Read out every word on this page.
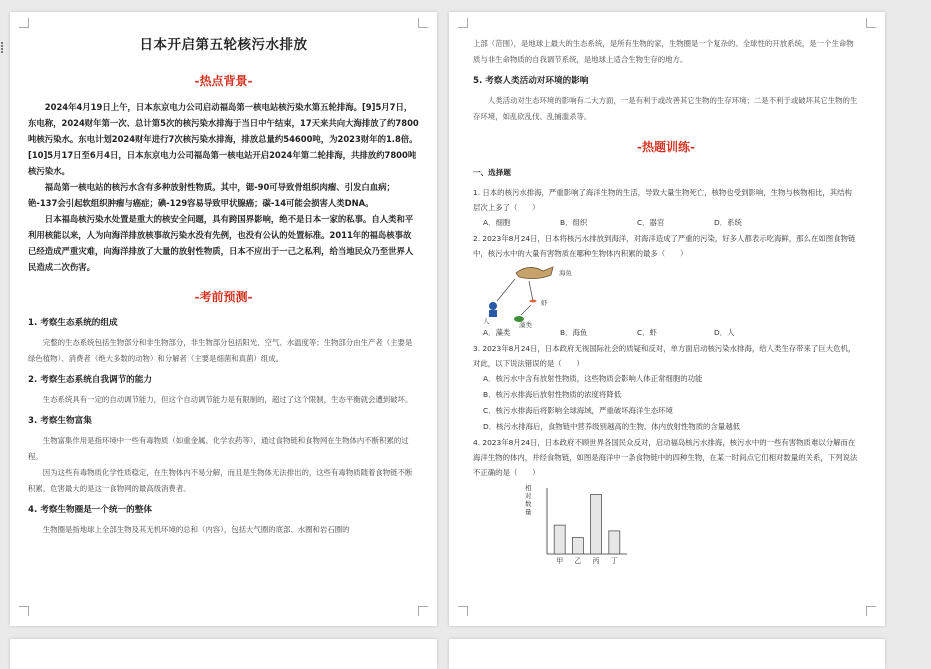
日本开启第五轮核污水排放
-热点背景-

2024年4月19日上午，日本东京电力公司启动福岛第一核电站核污染水第五轮排海。[9]5月7日，东电称，2024财年第一次、总计第5次的核污染水排海于当日中午结束，17天来共向大海排放了约7800吨核污染水。东电计划2024财年进行7次核污染水排海，排放总量约54600吨，为2023财年的1.8倍。[10]5月17日至6月4日，日本东京电力公司福岛第一核电站开启2024年第二轮排海，共排放约7800吨核污染水。

福岛第一核电站的核污水含有多种放射性物质。其中，锶-90可导致骨组织肉瘤、引发白血病；铯-137会引起软组织肿瘤与癌症；碘-129容易导致甲状腺癌；碳-14可能会损害人类DNA。

日本福岛核污染水处置是重大的核安全问题，具有跨国界影响，绝不是日本一家的私事。自人类和平利用核能以来，人为向海洋排放核事故污染水没有先例，也没有公认的处置标准。2011年的福岛核事故已经造成严重灾难，向海洋排放了大量的放射性物质，日本不应出于一己之私利，给当地民众乃至世界人民造成二次伤害。

-考前预测-
1. 考察生态系统的组成

完整的生态系统包括生物部分和非生物部分，非生物部分包括阳光、空气、水温度等；生物部分由生产者（主要是绿色植物）、消费者（绝大多数的动物）和分解者（主要是细菌和真菌）组成。

2. 考察生态系统自我调节的能力

生态系统具有一定的自动调节能力，但这个自动调节能力是有限制的，超过了这个限制，生态平衡就会遭到破坏。

3. 考察生物富集

生物富集作用是指环境中一些有毒物质（如重金属、化学农药等），通过食物链和食物网在生物体内不断积累的过程。

因为这些有毒物质化学性质稳定，在生物体内不易分解，而且是生物体无法排出的，这些有毒物质随着食物链不断积累，危害最大的是这一食物网的最高级消费者。

4. 考察生物圈是一个统一的整体

生物圈是指地球上全部生物及其无机环境的总和（内容），包括大气圈的底部、水圈和岩石圈的

上部（范围），是地球上最大的生态系统，是所有生物的家，生物圈是一个复杂的、全球性的开放系统，是一个生命物质与非生命物质的自我调节系统，是地球上适合生物生存的地方。

5. 考察人类活动对环境的影响

人类活动对生态环境的影响有二大方面，一是有利于或改善其它生物的生存环境；二是不利于或破坏其它生物的生存环境，如乱砍乱伐、乱捕滥杀等。

-热题训练-
一、选择题

1. 日本的核污水排海，严重影响了海洋生物的生活，导致大量生物死亡，核物也受到影响，生物与核物相比，其结构层次上多了（　　）

A．细胞	B．组织	C．器官	D．系统

2. 2023年8月24日，日本将核污水排放到海洋，对海洋造成了严重的污染，好多人都表示吃海鲜，那么在如图食物链中，核污水中的大量有害物质在哪种生物体内积累的最多（　　）

海鱼
虾
人	藻类
A．藻类	B．海鱼	C．虾	D．人

3. 2023年8月24日，日本政府无视国际社会的质疑和反对，单方面启动核污染水排海，给人类生存带来了巨大危机，对此，以下说法错误的是（　　）

A．核污水中含有放射性物质，这些物质会影响人体正常细胞的功能
B．核污水排海后放射性物质的浓度将降低
C．核污水排海后将影响全球海域，严重破坏海洋生态环境
D．核污水排海后，食物链中营养级别越高的生物，体内放射性物质的含量越低

4. 2023年8月24日，日本政府不顾世界各国民众反对，启动福岛核污水排海，核污水中的一些有害物质难以分解而在海洋生物的体内，并经食物链，如图是海洋中一条食物链中的四种生物，在某一时间点它们相对数量的关系，下列说法不正确的是（　　）

相对数量
甲 乙 丙 丁
